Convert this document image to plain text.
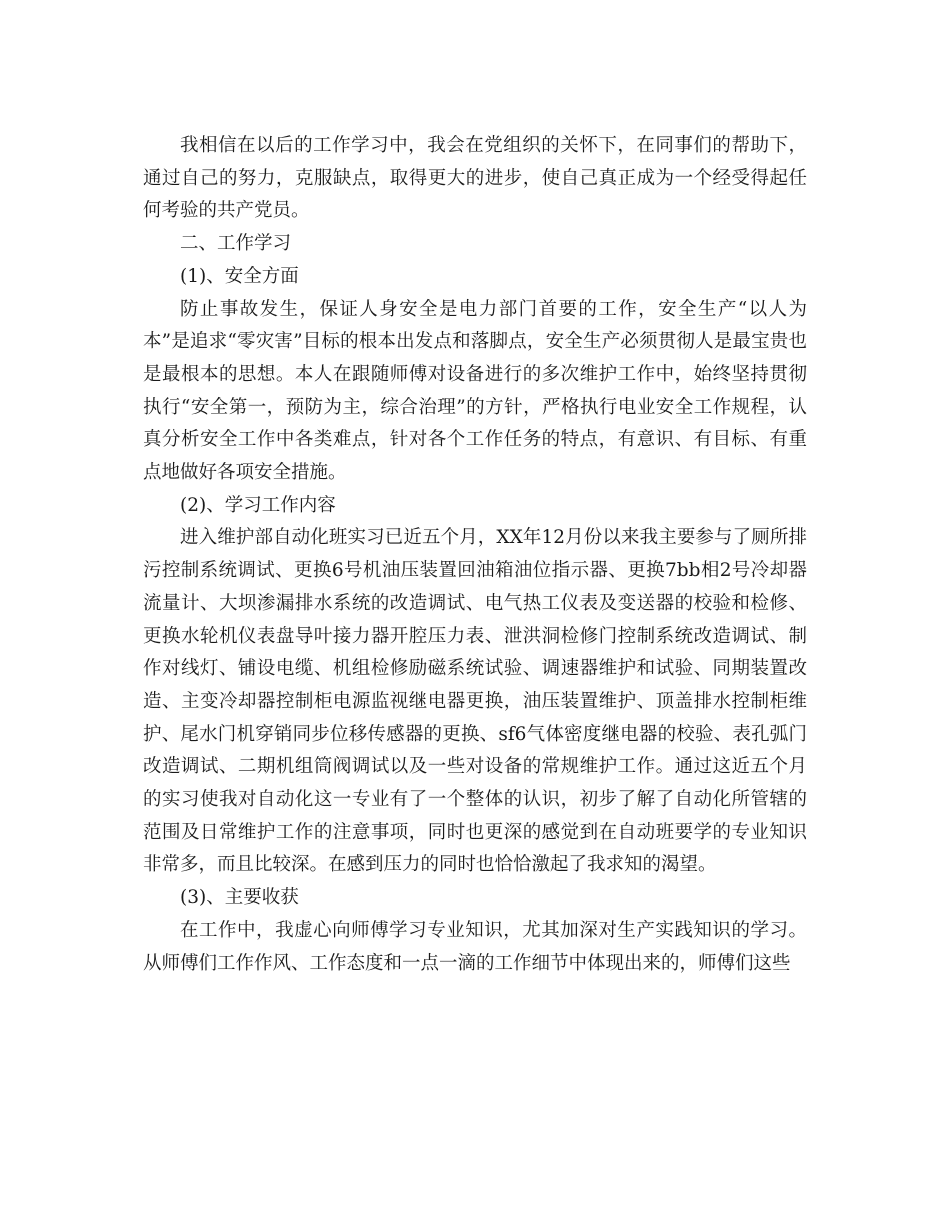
我相信在以后的工作学习中，我会在党组织的关怀下，在同事们的帮助下，通过自己的努力，克服缺点，取得更大的进步，使自己真正成为一个经受得起任何考验的共产党员。

二、工作学习

(1)、安全方面

防止事故发生，保证人身安全是电力部门首要的工作，安全生产“以人为本”是追求“零灾害”目标的根本出发点和落脚点，安全生产必须贯彻人是最宝贵也是最根本的思想。本人在跟随师傅对设备进行的多次维护工作中，始终坚持贯彻执行“安全第一，预防为主，综合治理”的方针，严格执行电业安全工作规程，认真分析安全工作中各类难点，针对各个工作任务的特点，有意识、有目标、有重点地做好各项安全措施。

(2)、学习工作内容

进入维护部自动化班实习已近五个月，XX年12月份以来我主要参与了厕所排污控制系统调试、更换6号机油压装置回油箱油位指示器、更换7bb相2号冷却器流量计、大坝渗漏排水系统的改造调试、电气热工仪表及变送器的校验和检修、更换水轮机仪表盘导叶接力器开腔压力表、泄洪洞检修门控制系统改造调试、制作对线灯、铺设电缆、机组检修励磁系统试验、调速器维护和试验、同期装置改造、主变冷却器控制柜电源监视继电器更换，油压装置维护、顶盖排水控制柜维护、尾水门机穿销同步位移传感器的更换、sf6气体密度继电器的校验、表孔弧门改造调试、二期机组筒阀调试以及一些对设备的常规维护工作。通过这近五个月的实习使我对自动化这一专业有了一个整体的认识，初步了解了自动化所管辖的范围及日常维护工作的注意事项，同时也更深的感觉到在自动班要学的专业知识非常多，而且比较深。在感到压力的同时也恰恰激起了我求知的渴望。

(3)、主要收获

在工作中，我虚心向师傅学习专业知识，尤其加深对生产实践知识的学习。从师傅们工作作风、工作态度和一点一滴的工作细节中体现出来的，师傅们这些
